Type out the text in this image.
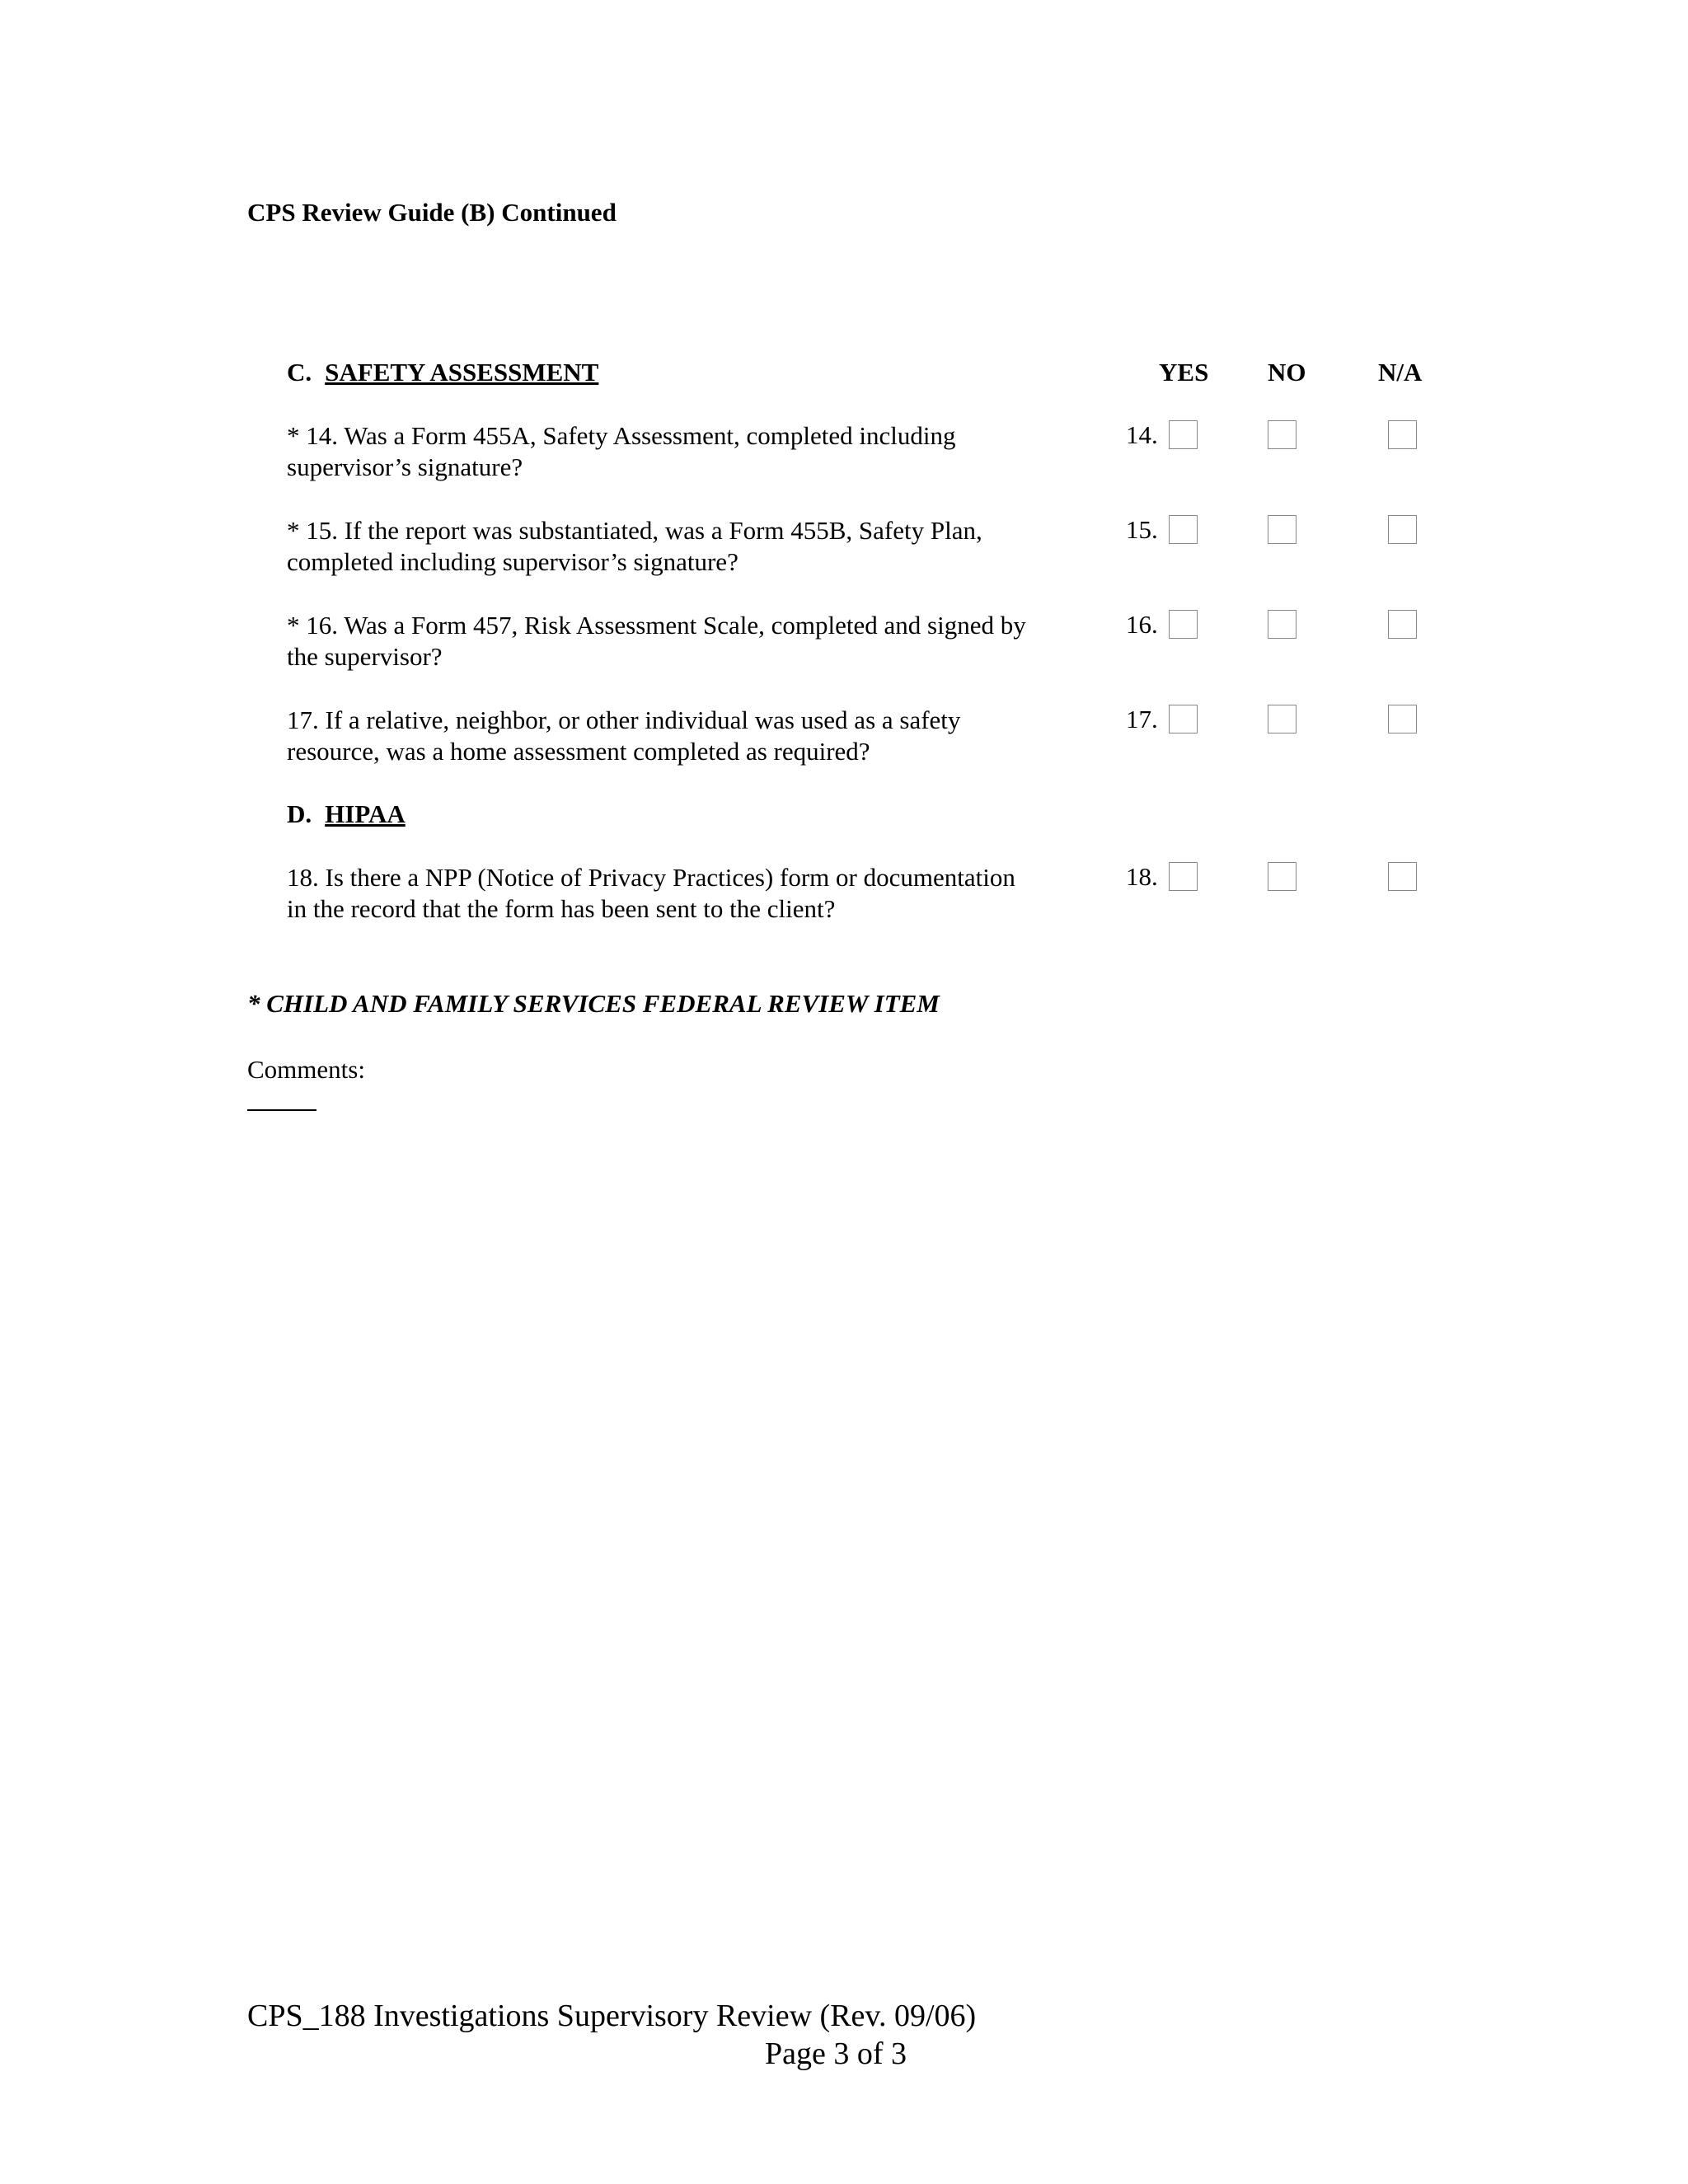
CPS Review Guide (B) Continued
C. SAFETY ASSESSMENT	YES NO	N/A
* 14. Was a Form 455A, Safety Assessment, completed including
supervisor’s signature?
14.
* 15. If the report was substantiated, was a Form 455B, Safety Plan,
completed including supervisor’s signature?
15.
* 16. Was a Form 457, Risk Assessment Scale, completed and signed by
the supervisor?
16.
17. If a relative, neighbor, or other individual was used as a safety
resource, was a home assessment completed as required?
17.
D. HIPAA
18. Is there a NPP (Notice of Privacy Practices) form or documentation
in the record that the form has been sent to the client?
18.
* CHILD AND FAMILY SERVICES FEDERAL REVIEW ITEM
Comments:
CPS_188 Investigations Supervisory Review (Rev. 09/06)
Page 3 of 3
